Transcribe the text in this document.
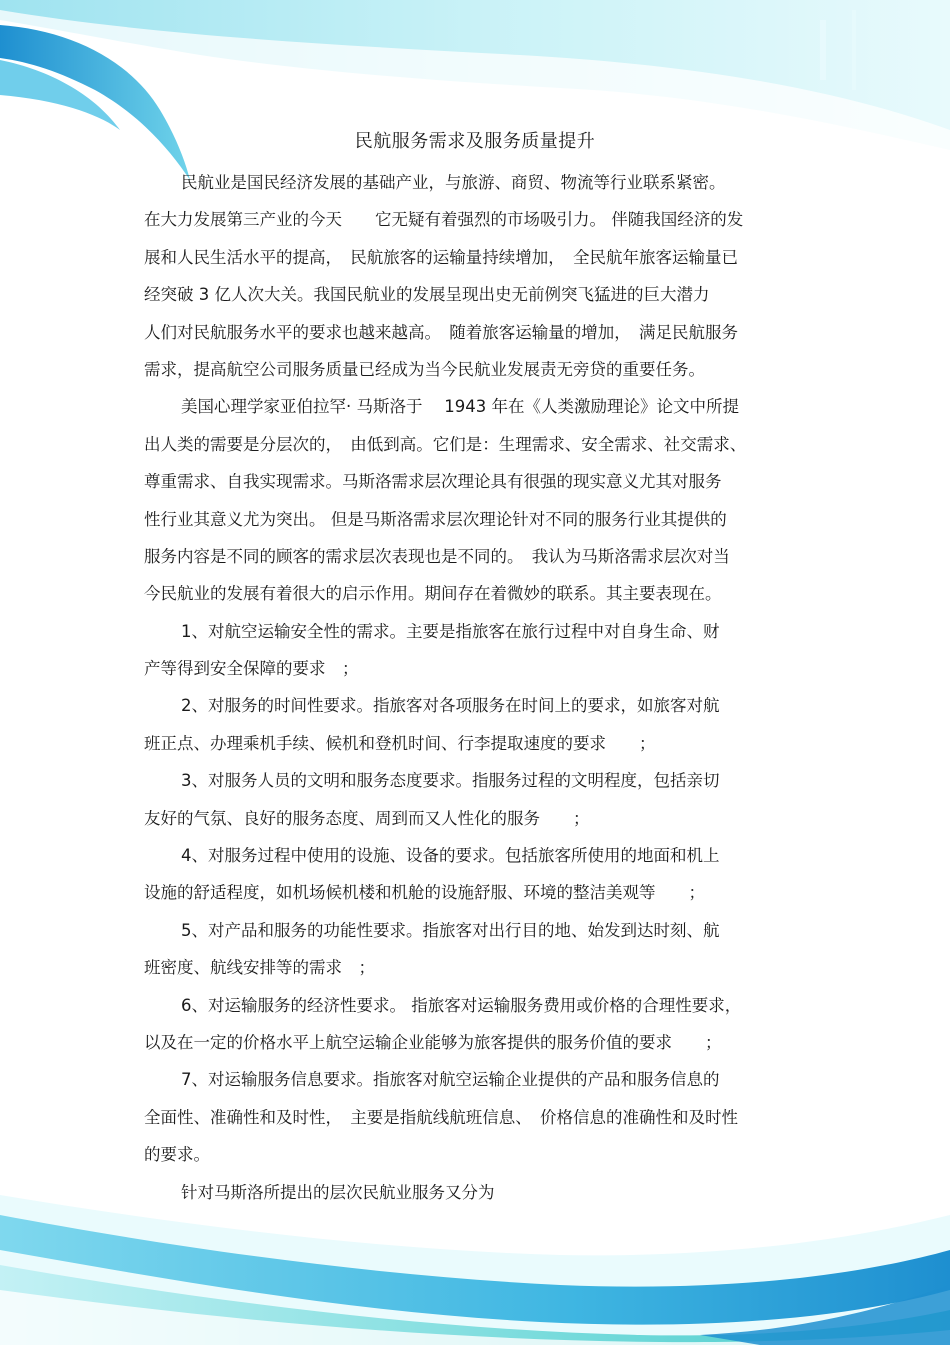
民航服务需求及服务质量提升
民航业是国民经济发展的基础产业，与旅游、商贸、物流等行业联系紧密。
在大力发展第三产业的今天　　它无疑有着强烈的市场吸引力。 伴随我国经济的发
展和人民生活水平的提高，　民航旅客的运输量持续增加，　全民航年旅客运输量已
经突破 3 亿人次大关。我国民航业的发展呈现出史无前例突飞猛进的巨大潜力
人们对民航服务水平的要求也越来越高。　随着旅客运输量的增加，　满足民航服务
需求，提高航空公司服务质量已经成为当今民航业发展责无旁贷的重要任务。
美国心理学家亚伯拉罕· 马斯洛于　 1943 年在《人类激励理论》论文中所提
出人类的需要是分层次的，　由低到高。它们是：生理需求、安全需求、社交需求、
尊重需求、自我实现需求。马斯洛需求层次理论具有很强的现实意义尤其对服务
性行业其意义尤为突出。 但是马斯洛需求层次理论针对不同的服务行业其提供的
服务内容是不同的顾客的需求层次表现也是不同的。　我认为马斯洛需求层次对当
今民航业的发展有着很大的启示作用。期间存在着微妙的联系。其主要表现在。
1、对航空运输安全性的需求。主要是指旅客在旅行过程中对自身生命、财
产等得到安全保障的要求　；
2、对服务的时间性要求。指旅客对各项服务在时间上的要求，如旅客对航
班正点、办理乘机手续、候机和登机时间、行李提取速度的要求　　；
3、对服务人员的文明和服务态度要求。指服务过程的文明程度，包括亲切
友好的气氛、良好的服务态度、周到而又人性化的服务　　；
4、对服务过程中使用的设施、设备的要求。包括旅客所使用的地面和机上
设施的舒适程度，如机场候机楼和机舱的设施舒服、环境的整洁美观等　　；
5、对产品和服务的功能性要求。指旅客对出行目的地、始发到达时刻、航
班密度、航线安排等的需求　；
6、对运输服务的经济性要求。 指旅客对运输服务费用或价格的合理性要求，
以及在一定的价格水平上航空运输企业能够为旅客提供的服务价值的要求　　；
7、对运输服务信息要求。指旅客对航空运输企业提供的产品和服务信息的
全面性、准确性和及时性，　主要是指航线航班信息、　价格信息的准确性和及时性
的要求。
针对马斯洛所提出的层次民航业服务又分为
